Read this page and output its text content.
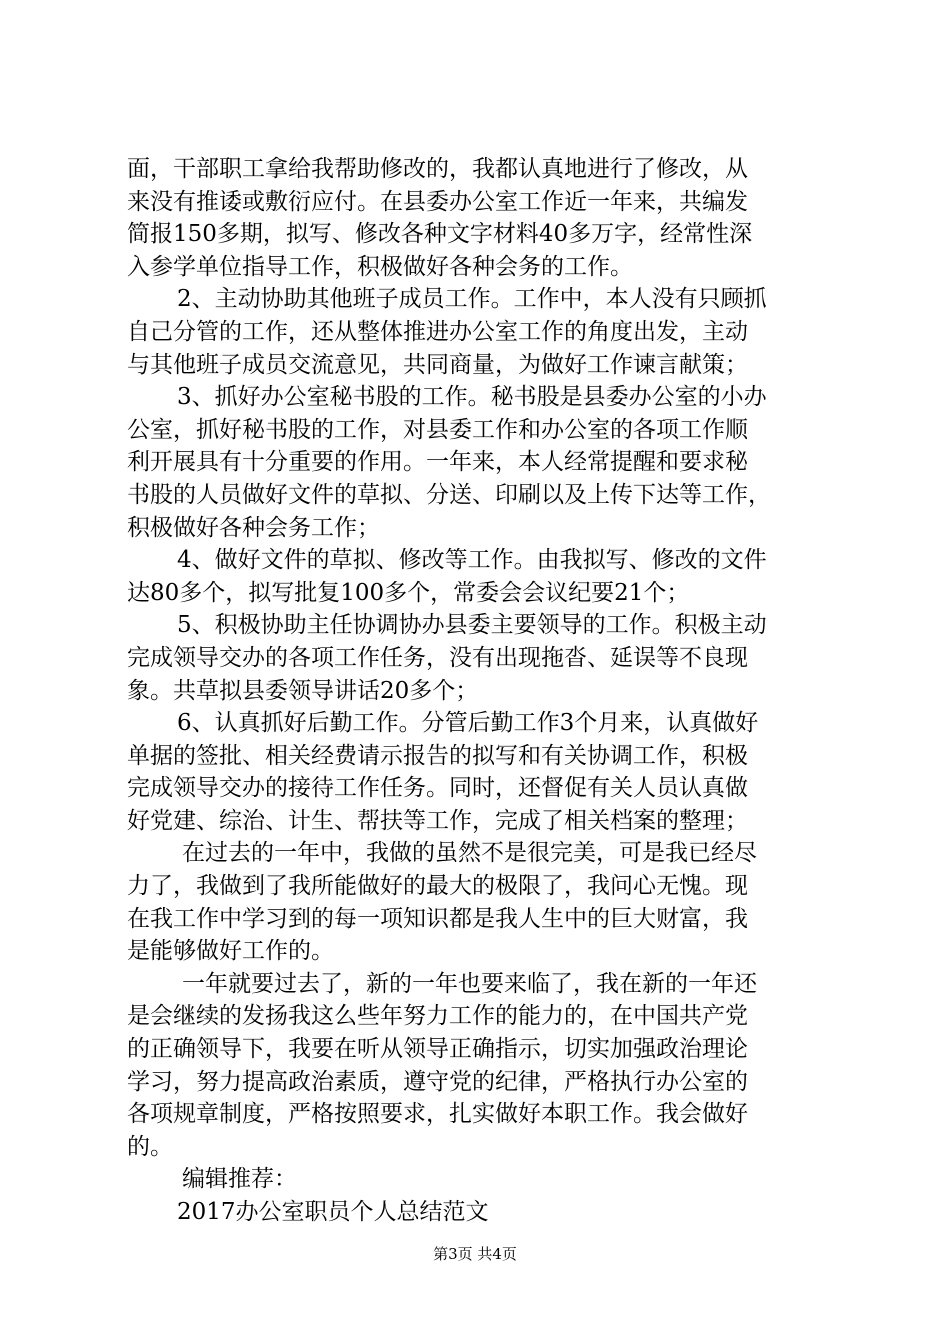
面，干部职工拿给我帮助修改的，我都认真地进行了修改，从
来没有推诿或敷衍应付。在县委办公室工作近一年来，共编发
简报150多期，拟写、修改各种文字材料40多万字，经常性深
入参学单位指导工作，积极做好各种会务的工作。
2、主动协助其他班子成员工作。工作中，本人没有只顾抓
自己分管的工作，还从整体推进办公室工作的角度出发，主动
与其他班子成员交流意见，共同商量，为做好工作谏言献策；
3、抓好办公室秘书股的工作。秘书股是县委办公室的小办
公室，抓好秘书股的工作，对县委工作和办公室的各项工作顺
利开展具有十分重要的作用。一年来，本人经常提醒和要求秘
书股的人员做好文件的草拟、分送、印刷以及上传下达等工作，
积极做好各种会务工作；
4、做好文件的草拟、修改等工作。由我拟写、修改的文件
达80多个，拟写批复100多个，常委会会议纪要21个；
5、积极协助主任协调协办县委主要领导的工作。积极主动
完成领导交办的各项工作任务，没有出现拖沓、延误等不良现
象。共草拟县委领导讲话20多个；
6、认真抓好后勤工作。分管后勤工作3个月来，认真做好
单据的签批、相关经费请示报告的拟写和有关协调工作，积极
完成领导交办的接待工作任务。同时，还督促有关人员认真做
好党建、综治、计生、帮扶等工作，完成了相关档案的整理；
在过去的一年中，我做的虽然不是很完美，可是我已经尽
力了，我做到了我所能做好的最大的极限了，我问心无愧。现
在我工作中学习到的每一项知识都是我人生中的巨大财富，我
是能够做好工作的。
一年就要过去了，新的一年也要来临了，我在新的一年还
是会继续的发扬我这么些年努力工作的能力的，在中国共产党
的正确领导下，我要在听从领导正确指示，切实加强政治理论
学习，努力提高政治素质，遵守党的纪律，严格执行办公室的
各项规章制度，严格按照要求，扎实做好本职工作。我会做好
的。
编辑推荐：
2017办公室职员个人总结范文
第3页 共4页
